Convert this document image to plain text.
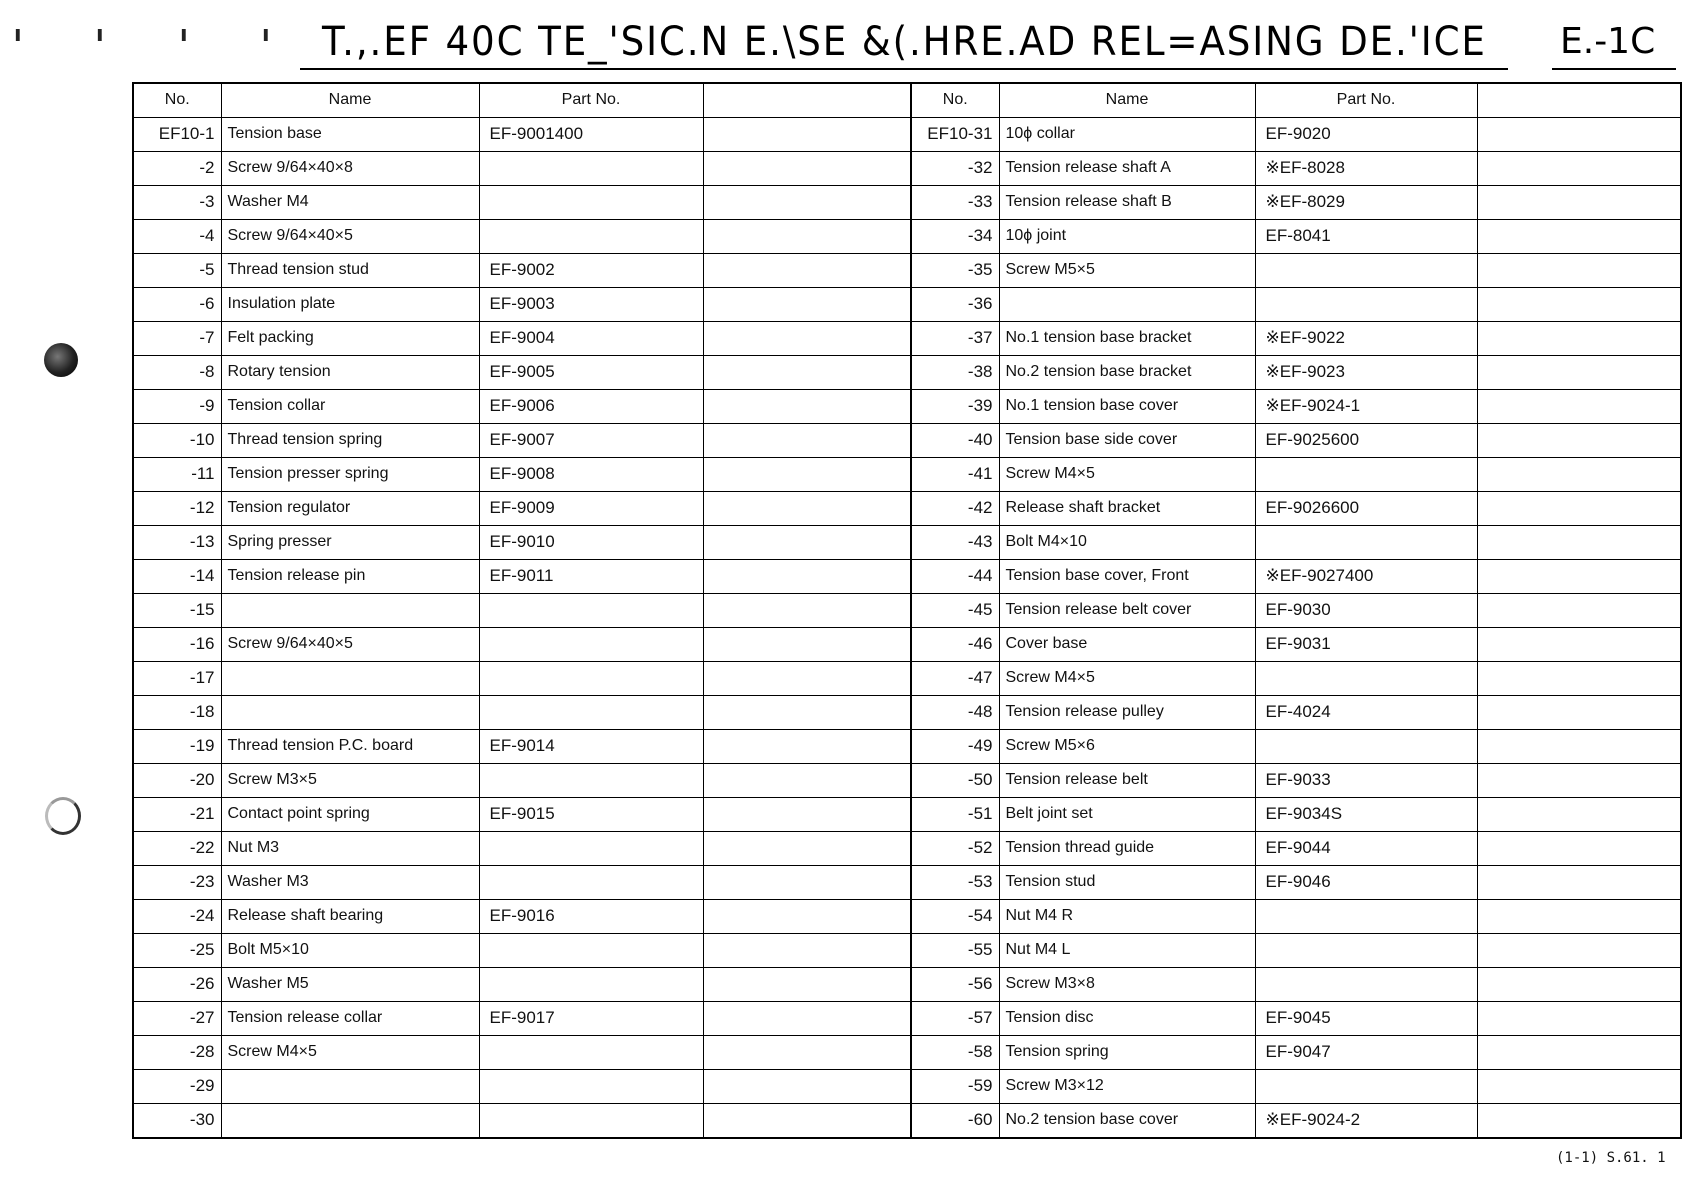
ı	ı	ı	ı T.,.EF 40C TE_'SIC.N E.\SE &(.HRE.AD REL=ASING DE.'ICE E.-1C
No.	Name	Part No.	
EF10-1	Tension base	EF-9001400	
-2	Screw 9/64×40×8		
-3	Washer M4		
-4	Screw 9/64×40×5		
-5	Thread tension stud	EF-9002	
-6	Insulation plate	EF-9003	
-7	Felt packing	EF-9004	
-8	Rotary tension	EF-9005	
-9	Tension collar	EF-9006	
-10	Thread tension spring	EF-9007	
-11	Tension presser spring	EF-9008	
-12	Tension regulator	EF-9009	
-13	Spring presser	EF-9010	
-14	Tension release pin	EF-9011	
-15			
-16	Screw 9/64×40×5		
-17			
-18			
-19	Thread tension P.C. board	EF-9014	
-20	Screw M3×5		
-21	Contact point spring	EF-9015	
-22	Nut M3		
-23	Washer M3		
-24	Release shaft bearing	EF-9016	
-25	Bolt M5×10		
-26	Washer M5		
-27	Tension release collar	EF-9017	
-28	Screw M4×5		
-29			
-30			
No.	Name	Part No.	
EF10-31	10ϕ collar	EF-9020	
-32	Tension release shaft A	※EF-8028	
-33	Tension release shaft B	※EF-8029	
-34	10ϕ joint	EF-8041	
-35	Screw M5×5		
-36			
-37	No.1 tension base bracket	※EF-9022	
-38	No.2 tension base bracket	※EF-9023	
-39	No.1 tension base cover	※EF-9024-1	
-40	Tension base side cover	EF-9025600	
-41	Screw M4×5		
-42	Release shaft bracket	EF-9026600	
-43	Bolt M4×10		
-44	Tension base cover, Front	※EF-9027400	
-45	Tension release belt cover	EF-9030	
-46	Cover base	EF-9031	
-47	Screw M4×5		
-48	Tension release pulley	EF-4024	
-49	Screw M5×6		
-50	Tension release belt	EF-9033	
-51	Belt joint set	EF-9034S	
-52	Tension thread guide	EF-9044	
-53	Tension stud	EF-9046	
-54	Nut M4 R		
-55	Nut M4 L		
-56	Screw M3×8		
-57	Tension disc	EF-9045	
-58	Tension spring	EF-9047	
-59	Screw M3×12		
-60	No.2 tension base cover	※EF-9024-2	
(1-1) S.61. 1
